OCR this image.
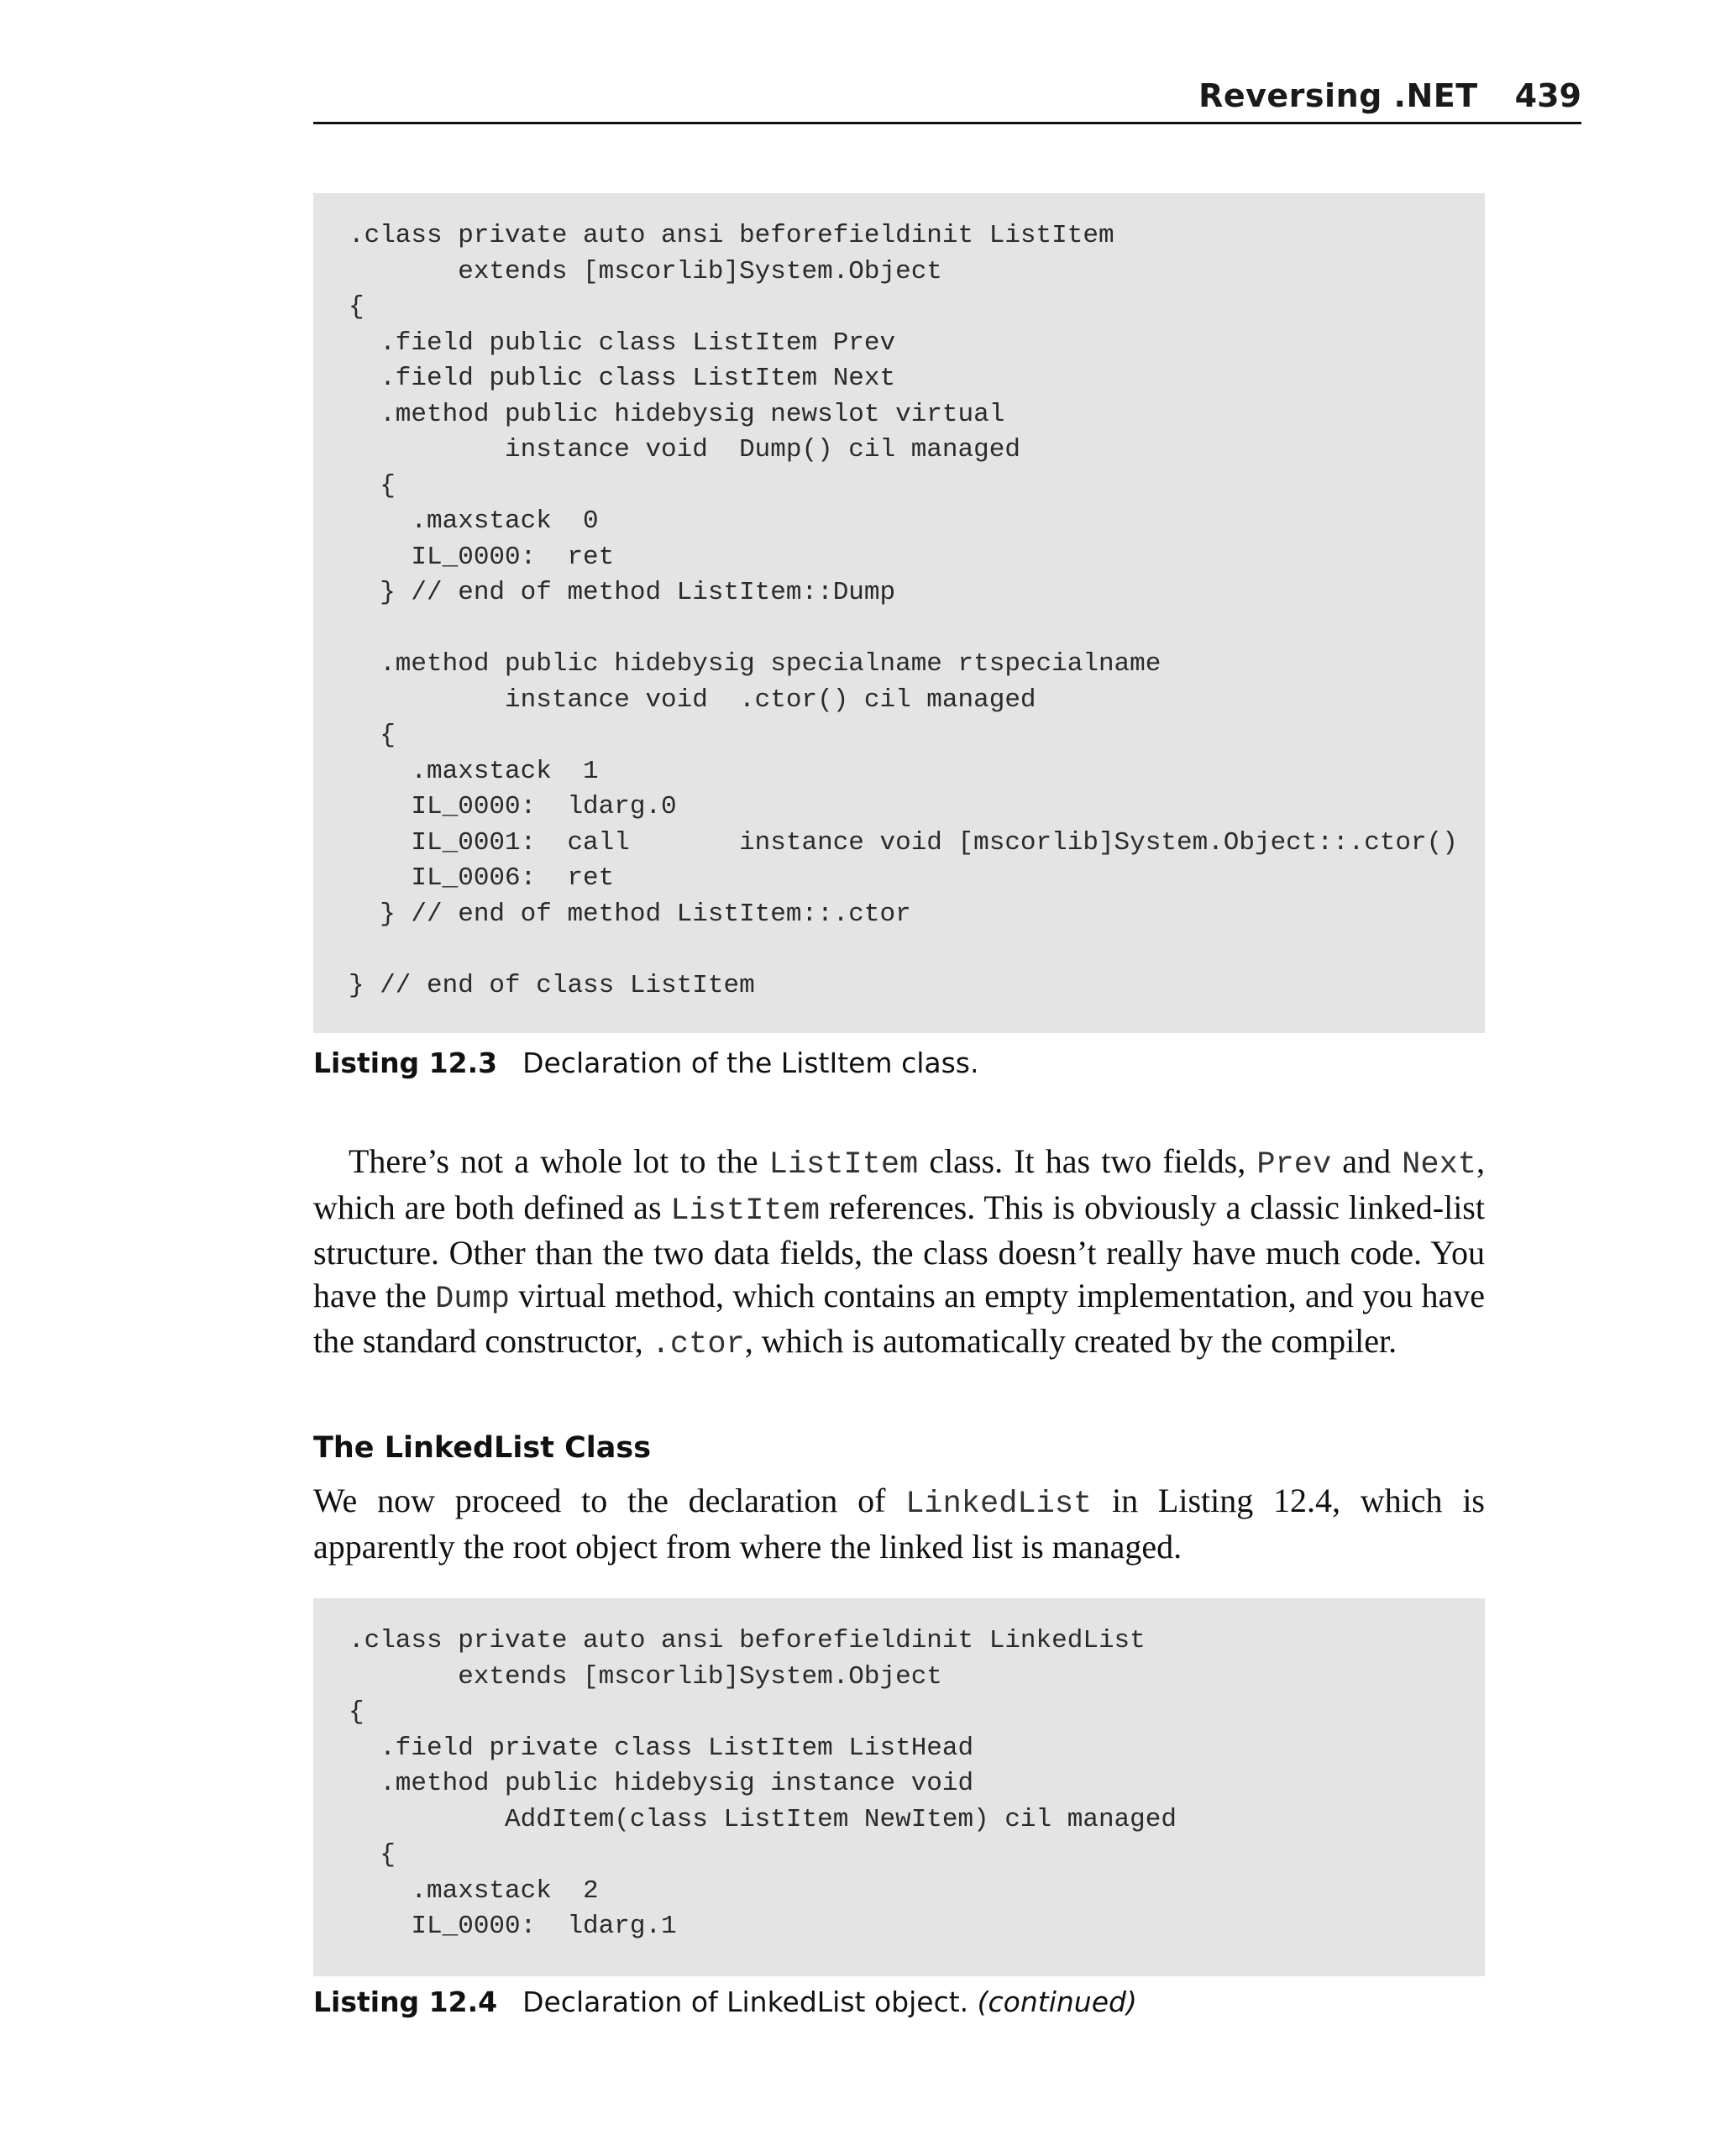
Reversing .NET 439
.class private auto ansi beforefieldinit ListItem
extends [mscorlib]System.Object
{
.field public class ListItem Prev
.field public class ListItem Next
.method public hidebysig newslot virtual
instance void  Dump() cil managed
{
.maxstack  0
IL_0000:  ret
} // end of method ListItem::Dump

.method public hidebysig specialname rtspecialname
instance void  .ctor() cil managed
{
.maxstack  1
IL_0000:  ldarg.0
IL_0001:  call       instance void [mscorlib]System.Object::.ctor()
IL_0006:  ret
} // end of method ListItem::.ctor

} // end of class ListItem
Listing 12.3 Declaration of the ListItem class.
There’s not a whole lot to the ListItem class. It has two fields, Prev and Next, which are both defined as ListItem references. This is obviously a classic linked-list structure. Other than the two data fields, the class doesn’t really have much code. You have the Dump virtual method, which contains an empty implementation, and you have the standard constructor, .ctor, which is automatically created by the compiler.
The LinkedList Class
We now proceed to the declaration of LinkedList in Listing 12.4, which is apparently the root object from where the linked list is managed.
.class private auto ansi beforefieldinit LinkedList
extends [mscorlib]System.Object
{
.field private class ListItem ListHead
.method public hidebysig instance void
AddItem(class ListItem NewItem) cil managed
{
.maxstack  2
IL_0000:  ldarg.1
Listing 12.4 Declaration of LinkedList object. (continued)
